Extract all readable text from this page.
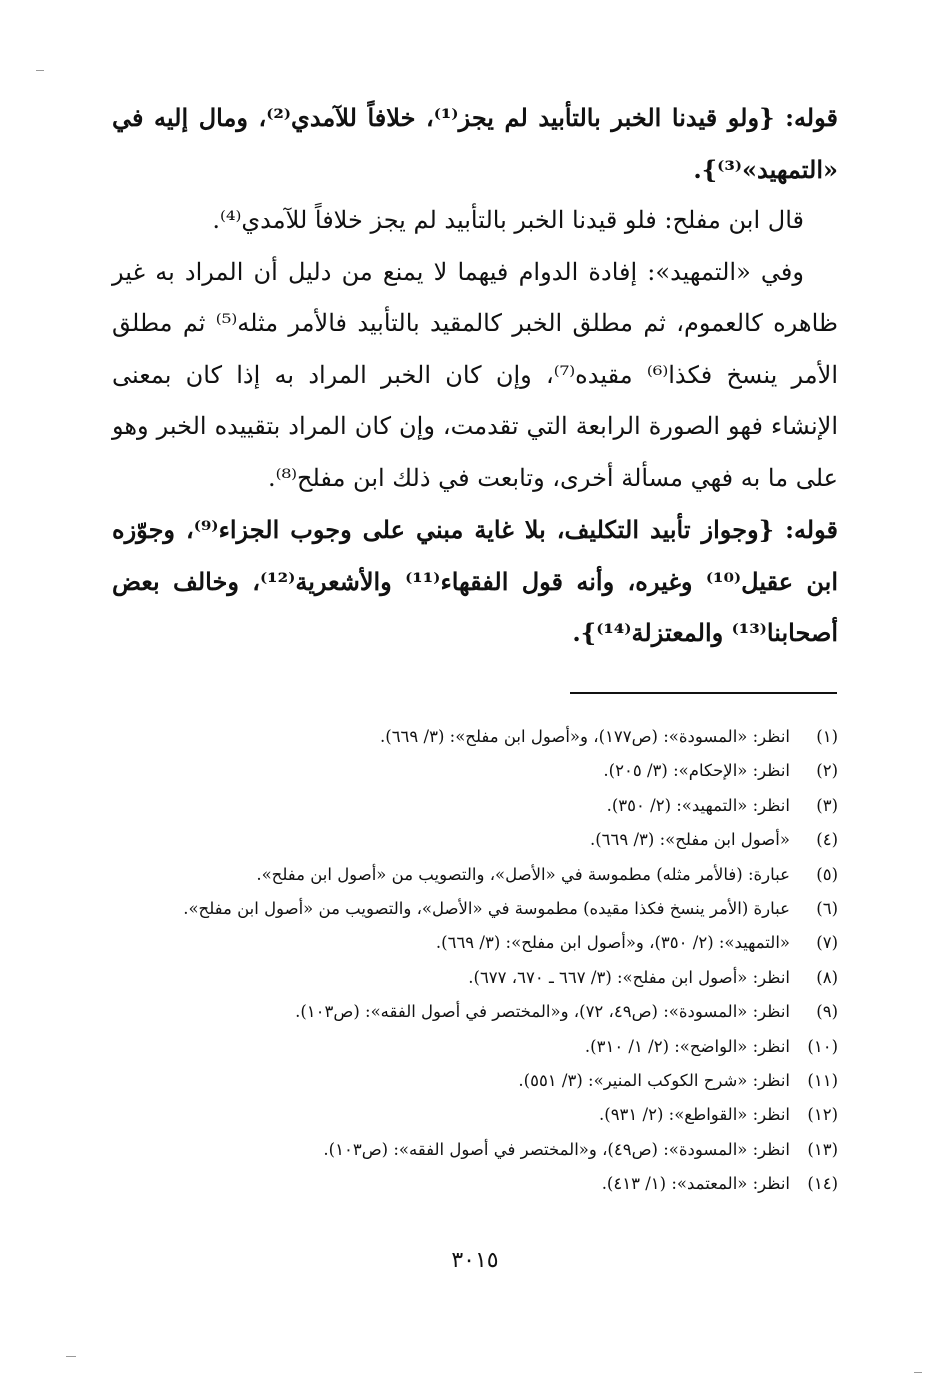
قوله: {ولو قيدنا الخبر بالتأبيد لم يجز⁽¹⁾، خلافاً للآمدي⁽²⁾، ومال إليه في «التمهيد»⁽³⁾}.

قال ابن مفلح: فلو قيدنا الخبر بالتأبيد لم يجز خلافاً للآمدي⁽⁴⁾.

وفي «التمهيد»: إفادة الدوام فيهما لا يمنع من دليل أن المراد به غير ظاهره كالعموم، ثم مطلق الخبر كالمقيد بالتأبيد فالأمر مثله⁽⁵⁾ ثم مطلق الأمر ينسخ فكذا⁽⁶⁾ مقيده⁽⁷⁾، وإن كان الخبر المراد به إذا كان بمعنى الإنشاء فهو الصورة الرابعة التي تقدمت، وإن كان المراد بتقييده الخبر وهو على ما به فهي مسألة أخرى، وتابعت في ذلك ابن مفلح⁽⁸⁾.

قوله: {وجواز تأبيد التكليف، بلا غاية مبني على وجوب الجزاء⁽⁹⁾، وجوّزه ابن عقيل⁽¹⁰⁾ وغيره، وأنه قول الفقهاء⁽¹¹⁾ والأشعرية⁽¹²⁾، وخالف بعض أصحابنا⁽¹³⁾ والمعتزلة⁽¹⁴⁾}.

(١)انظر: «المسودة»: (ص١٧٧)، و«أصول ابن مفلح»: (٣/ ٦٦٩).
(٢)انظر: «الإحكام»: (٣/ ٢٠٥).
(٣)انظر: «التمهيد»: (٢/ ٣٥٠).
(٤)«أصول ابن مفلح»: (٣/ ٦٦٩).
(٥)عبارة: (فالأمر مثله) مطموسة في «الأصل»، والتصويب من «أصول ابن مفلح».
(٦)عبارة (الأمر ينسخ فكذا مقيده) مطموسة في «الأصل»، والتصويب من «أصول ابن مفلح».
(٧)«التمهيد»: (٢/ ٣٥٠)، و«أصول ابن مفلح»: (٣/ ٦٦٩).
(٨)انظر: «أصول ابن مفلح»: (٣/ ٦٦٧ ـ ٦٧٠، ٦٧٧).
(٩)انظر: «المسودة»: (ص٤٩، ٧٢)، و«المختصر في أصول الفقه»: (ص١٠٣).
(١٠)انظر: «الواضح»: (٢/ ١/ ٣١٠).
(١١)انظر: «شرح الكوكب المنير»: (٣/ ٥٥١).
(١٢)انظر: «القواطع»: (٢/ ٩٣١).
(١٣)انظر: «المسودة»: (ص٤٩)، و«المختصر في أصول الفقه»: (ص١٠٣).
(١٤)انظر: «المعتمد»: (١/ ٤١٣).
٣٠١٥
